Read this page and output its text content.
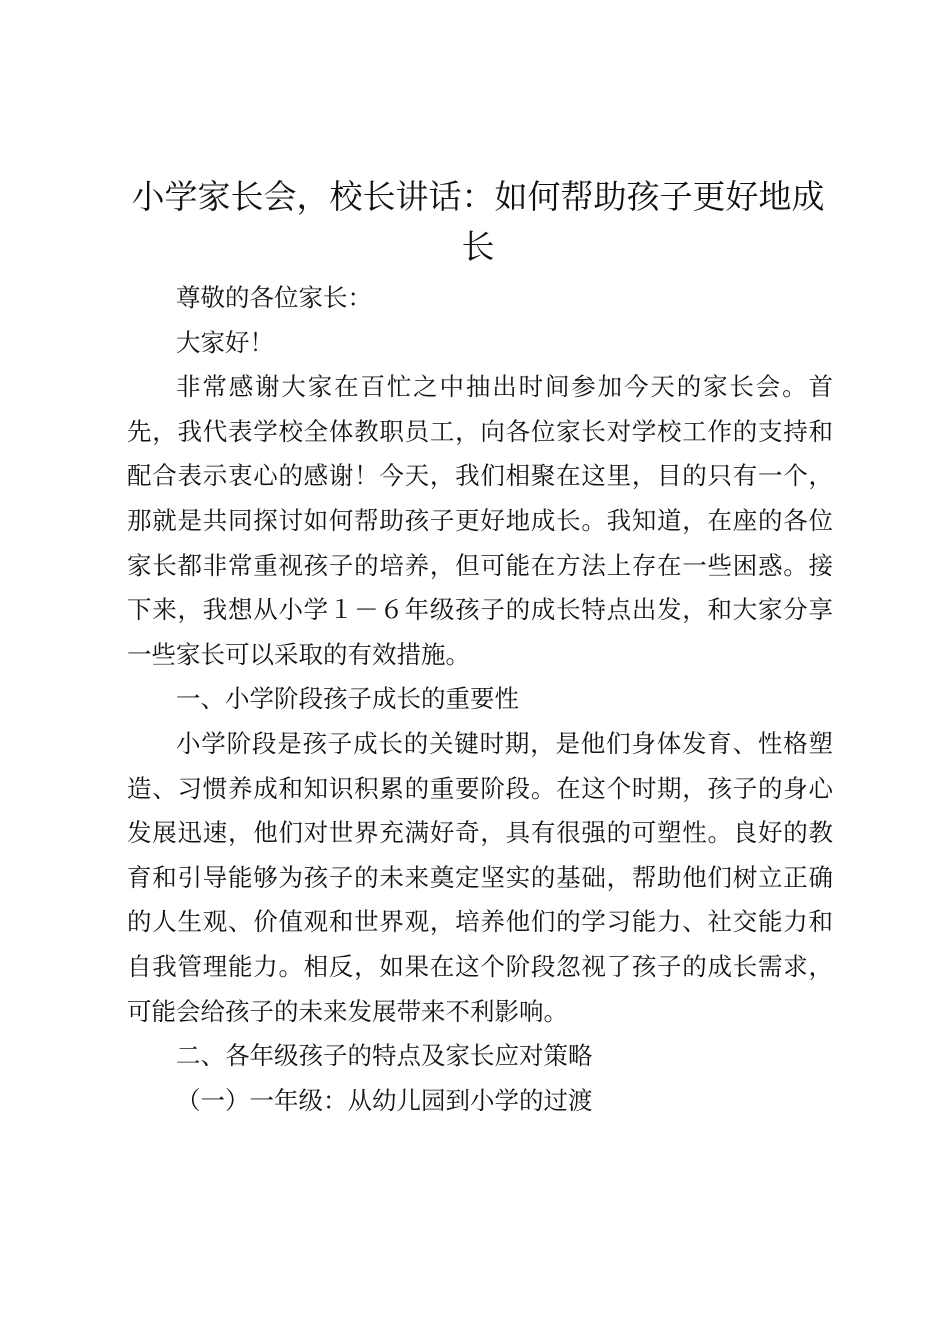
小学家长会，校长讲话：如何帮助孩子更好地成长

尊敬的各位家长：

大家好！

非常感谢大家在百忙之中抽出时间参加今天的家长会。首先，我代表学校全体教职员工，向各位家长对学校工作的支持和配合表示衷心的感谢！今天，我们相聚在这里，目的只有一个，那就是共同探讨如何帮助孩子更好地成长。我知道，在座的各位家长都非常重视孩子的培养，但可能在方法上存在一些困惑。接下来，我想从小学１－６年级孩子的成长特点出发，和大家分享一些家长可以采取的有效措施。

一、小学阶段孩子成长的重要性

小学阶段是孩子成长的关键时期，是他们身体发育、性格塑造、习惯养成和知识积累的重要阶段。在这个时期，孩子的身心发展迅速，他们对世界充满好奇，具有很强的可塑性。良好的教育和引导能够为孩子的未来奠定坚实的基础，帮助他们树立正确的人生观、价值观和世界观，培养他们的学习能力、社交能力和自我管理能力。相反，如果在这个阶段忽视了孩子的成长需求，可能会给孩子的未来发展带来不利影响。

二、各年级孩子的特点及家长应对策略

（一）一年级：从幼儿园到小学的过渡
